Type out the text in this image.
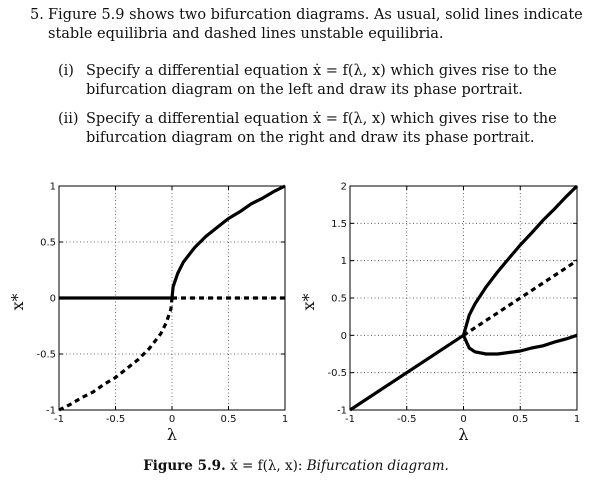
5. Figure 5.9 shows two bifurcation diagrams. As usual, solid lines indicate stable equilibria and dashed lines unstable equilibria.
(i) Specify a differential equation ẋ = f(λ, x) which gives rise to the bifurcation diagram on the left and draw its phase portrait.
(ii) Specify a differential equation ẋ = f(λ, x) which gives rise to the bifurcation diagram on the right and draw its phase portrait.
-1	-0.5	0	0.5	1
-1
-0.5
0
0.5
1
λ
x*
-1	-0.5	0	0.5	1
-1
-0.5
0
0.5
1
1.5
2
λ
x*
Figure 5.9. ẋ = f(λ, x): Bifurcation diagram.
